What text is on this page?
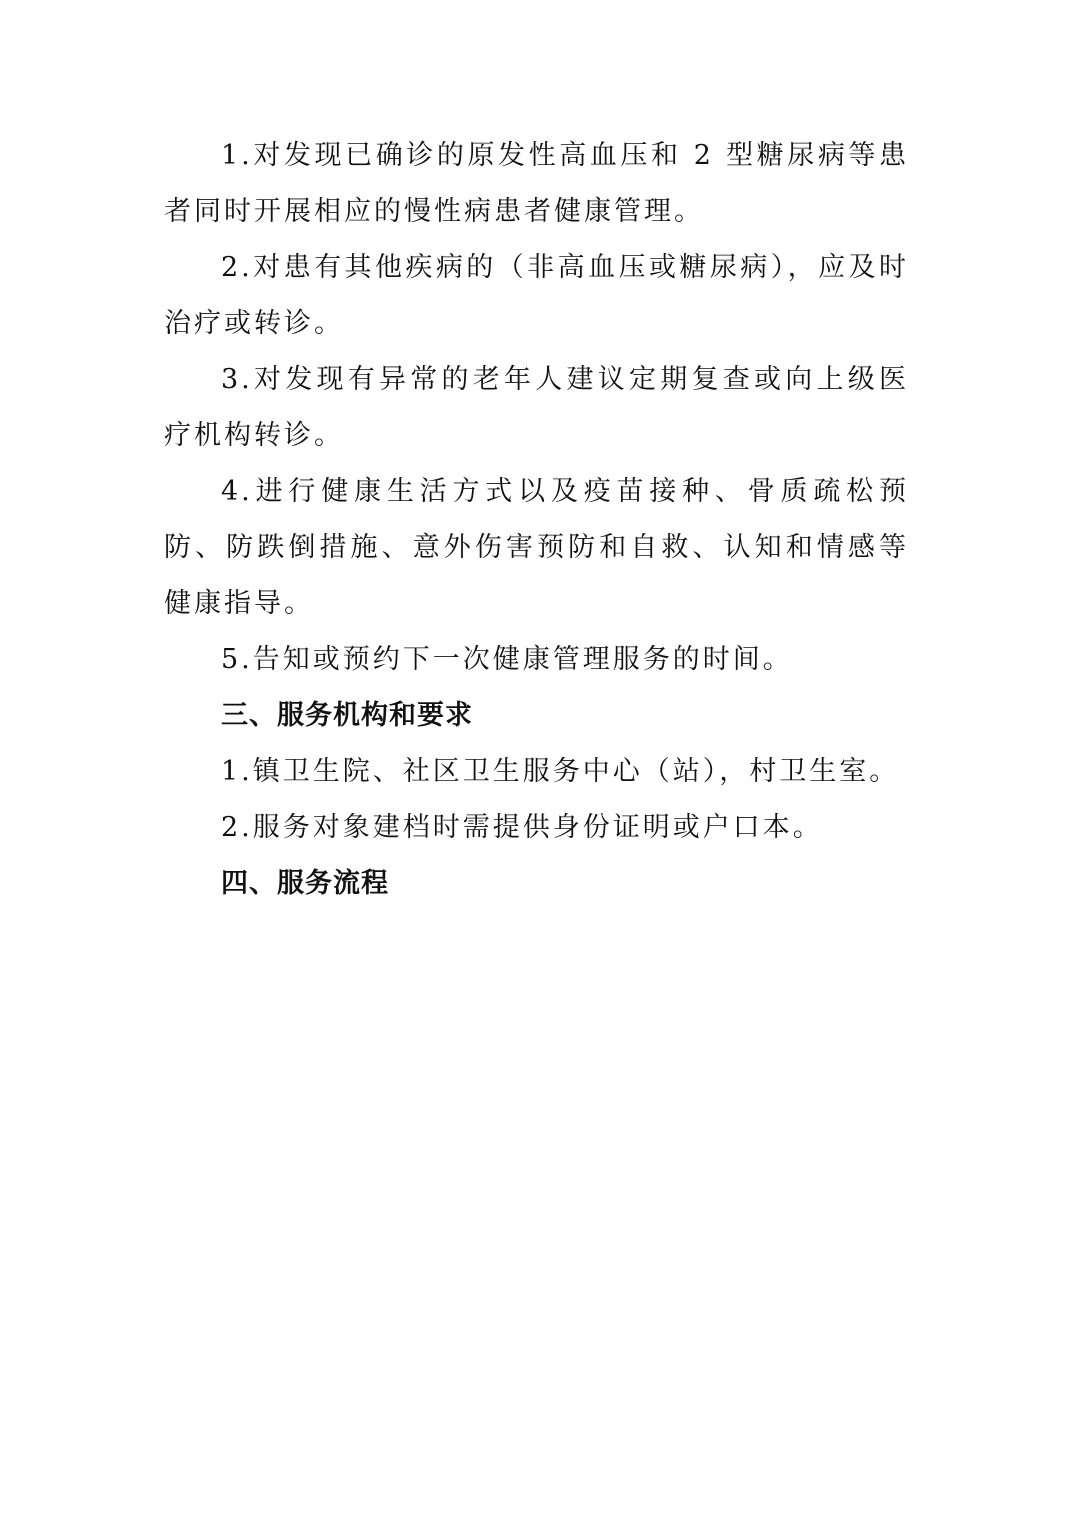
1.对发现已确诊的原发性高血压和 2 型糖尿病等患者同时开展相应的慢性病患者健康管理。

2.对患有其他疾病的（非高血压或糖尿病），应及时治疗或转诊。

3.对发现有异常的老年人建议定期复查或向上级医疗机构转诊。

4.进行健康生活方式以及疫苗接种、骨质疏松预防、防跌倒措施、意外伤害预防和自救、认知和情感等健康指导。

5.告知或预约下一次健康管理服务的时间。

三、服务机构和要求

1.镇卫生院、社区卫生服务中心（站），村卫生室。

2.服务对象建档时需提供身份证明或户口本。

四、服务流程
